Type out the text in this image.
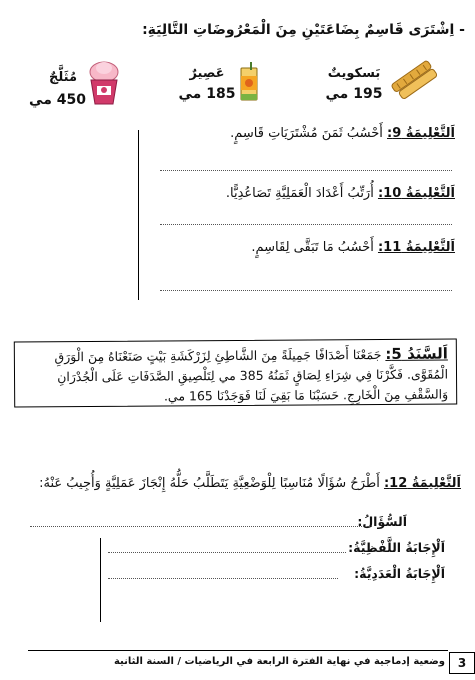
- اِشْتَرَى قَاسِمٌ بِضَاعَتَيْنِ مِنَ الْمَعْرُوضَاتِ التَّالِيَةِ:
بَسكويتٌ
195 مي
عَصِيرٌ
185 مي
مُثَلَّجٌ
450 مي
اَلتَّعْلِيمَةُ 9: أَحْسُبُ ثَمَنَ مُشْتَرَيَاتِ قَاسِمٍ.
اَلتَّعْلِيمَةُ 10: أُرَتِّبُ أَعْدَادَ الْعَمَلِيَّةِ تَصَاعُدِيًّا.
اَلتَّعْلِيمَةُ 11: أَحْسُبُ مَا تَبَقَّى لِقَاسِمٍ.
اَلسَّنَدُ 5: جَمَعْنَا أَصْدَافًا جَمِيلَةً مِنَ الشَّاطِئِ لِزَرْكَشَةِ بَيْتٍ صَنَعْنَاهُ مِنَ الْوَرَقِ الْمُقَوَّى. فَكَّرْنَا فِي شِرَاءِ لِصَاقٍ ثَمَنُهُ 385 مي لِتَلْصِيقِ الصَّدَفَاتِ عَلَى الْجُدْرَانِ وَالسَّقْفِ مِنَ الْخَارِجِ. حَسَبْنَا مَا بَقِيَ لَنَا فَوَجَدْنَا 165 مي.
اَلتَّعْلِيمَةُ 12: أَطْرَحُ سُؤَالًا مُنَاسِبًا لِلْوَضْعِيَّةِ يَتَطَلَّبُ حَلُّهُ إِنْجَازَ عَمَلِيَّةٍ وَأُجِيبُ عَنْهُ:
اَلسُّؤَالُ:
اَلْإِجَابَةُ اللَّفْظِيَّةُ:
اَلْإِجَابَةُ الْعَدَدِيَّةُ:
وضعية إدماجية في نهاية الفترة الرابعة في الرياضيات / السنة الثانية	3
